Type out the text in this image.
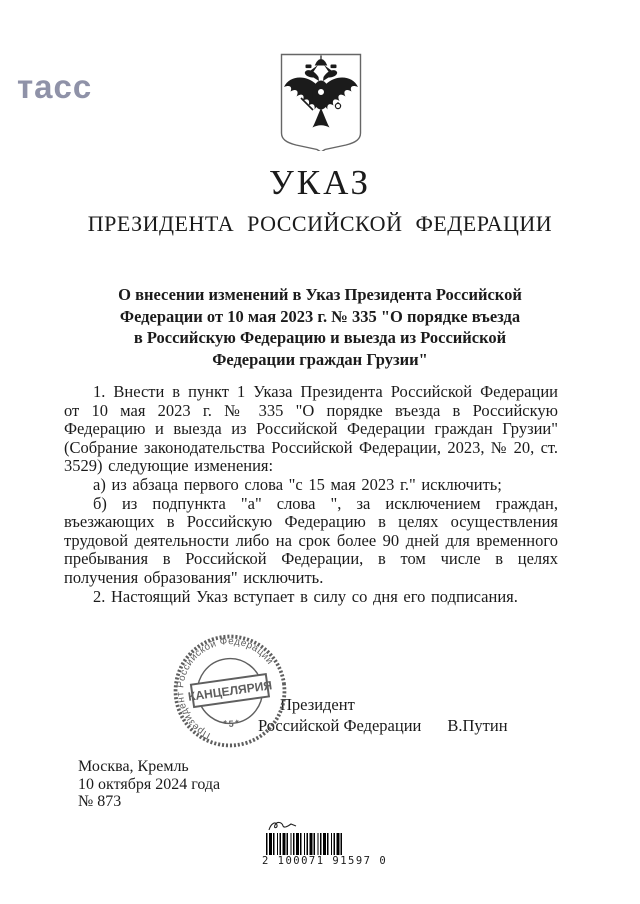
тасс
УКАЗ
ПРЕЗИДЕНТА РОССИЙСКОЙ ФЕДЕРАЦИИ
О внесении изменений в Указ Президента Российской
Федерации от 10 мая 2023 г. № 335 "О порядке въезда
в Российскую Федерацию и выезда из Российской
Федерации граждан Грузии"

1. Внести в пункт 1 Указа Президента Российской Федерации от 10 мая 2023 г. № 335 "О порядке въезда в Российскую Федерацию и выезда из Российской Федерации граждан Грузии" (Собрание законодательства Российской Федерации, 2023, № 20, ст. 3529) следующие изменения:

а) из абзаца первого слова "с 15 мая 2023 г." исключить;

б) из подпункта "а" слова ", за исключением граждан, въезжающих в Российскую Федерацию в целях осуществления трудовой деятельности либо на срок более 90 дней для временного пребывания в Российской Федерации, в том числе в целях получения образования" исключить.

2. Настоящий Указ вступает в силу со дня его подписания.

Президент
Российской Федерации В.Путин
Президент Российской Федерации
* 5 *
КАНЦЕЛЯРИЯ
Москва, Кремль
10 октября 2024 года
№ 873
2 100071 91597 0
